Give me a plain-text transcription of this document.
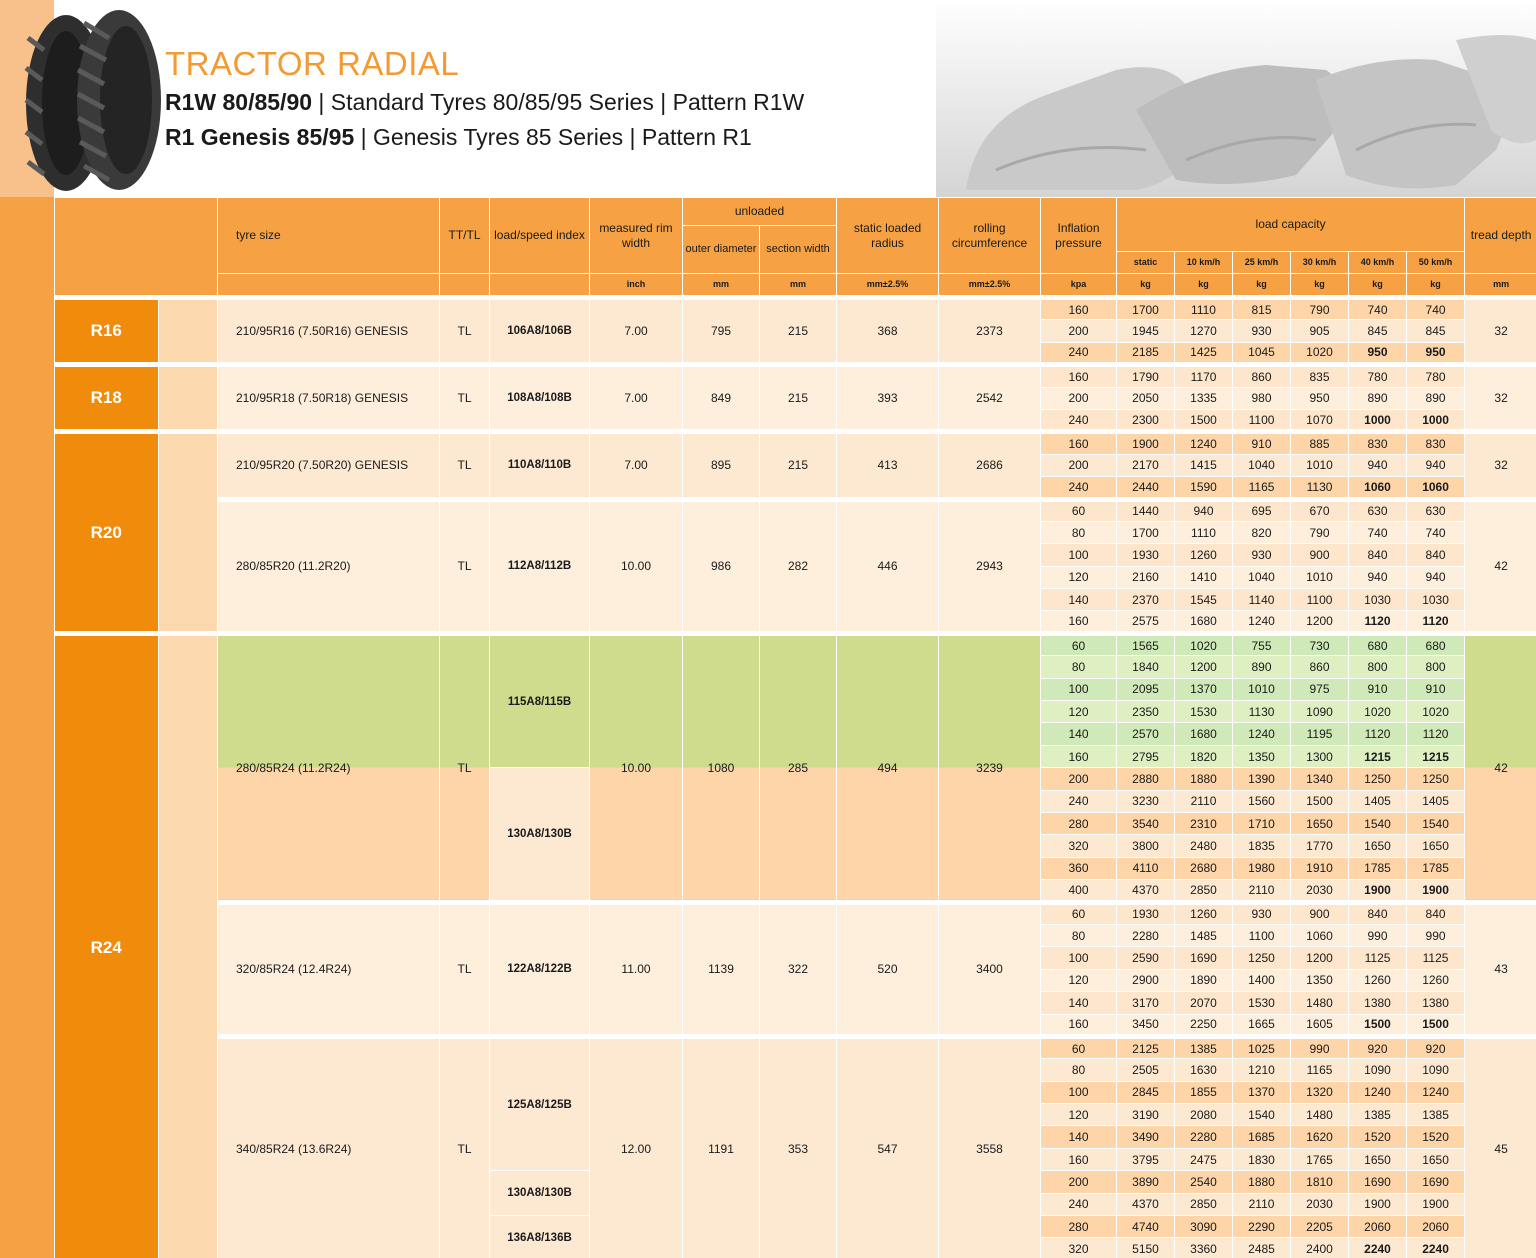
TRACTOR RADIAL
R1W 80/85/90 | Standard Tyres 80/85/95 Series | Pattern R1W
R1 Genesis 85/95 | Genesis Tyres 85 Series | Pattern R1
		tyre size	TT/TL	load/speed index	measured rim width	unloaded		static loaded radius	rolling circumference	Inflation pressure	load capacity						tread depth
						outer diameter	section width										
											static	10 km/h	25 km/h	30 km/h	40 km/h	50 km/h	
					inch	mm	mm	mm±2.5%	mm±2.5%	kpa	kg	kg	kg	kg	kg	kg	mm
R16		210/95R16 (7.50R16) GENESIS	TL	106A8/106B	7.00	795	215	368	2373	160	1700	1110	815	790	740	740	32
										200	1945	1270	930	905	845	845	
										240	2185	1425	1045	1020	950	950	
R18		210/95R18 (7.50R18) GENESIS	TL	108A8/108B	7.00	849	215	393	2542	160	1790	1170	860	835	780	780	32
										200	2050	1335	980	950	890	890	
										240	2300	1500	1100	1070	1000	1000	
R20		210/95R20 (7.50R20) GENESIS	TL	110A8/110B	7.00	895	215	413	2686	160	1900	1240	910	885	830	830	32
										200	2170	1415	1040	1010	940	940	
										240	2440	1590	1165	1130	1060	1060	
		280/85R20 (11.2R20)	TL	112A8/112B	10.00	986	282	446	2943	60	1440	940	695	670	630	630	42
										80	1700	1110	820	790	740	740	
										100	1930	1260	930	900	840	840	
										120	2160	1410	1040	1010	940	940	
										140	2370	1545	1140	1100	1030	1030	
										160	2575	1680	1240	1200	1120	1120	
R24		280/85R24 (11.2R24)	TL	115A8/115B	10.00	1080	285	494	3239	60	1565	1020	755	730	680	680	42
										80	1840	1200	890	860	800	800	
										100	2095	1370	1010	975	910	910	
										120	2350	1530	1130	1090	1020	1020	
										140	2570	1680	1240	1195	1120	1120	
										160	2795	1820	1350	1300	1215	1215	
				130A8/130B						200	2880	1880	1390	1340	1250	1250	
										240	3230	2110	1560	1500	1405	1405	
										280	3540	2310	1710	1650	1540	1540	
										320	3800	2480	1835	1770	1650	1650	
										360	4110	2680	1980	1910	1785	1785	
										400	4370	2850	2110	2030	1900	1900	
		320/85R24 (12.4R24)	TL	122A8/122B	11.00	1139	322	520	3400	60	1930	1260	930	900	840	840	43
										80	2280	1485	1100	1060	990	990	
										100	2590	1690	1250	1200	1125	1125	
										120	2900	1890	1400	1350	1260	1260	
										140	3170	2070	1530	1480	1380	1380	
										160	3450	2250	1665	1605	1500	1500	
		340/85R24 (13.6R24)	TL	125A8/125B	12.00	1191	353	547	3558	60	2125	1385	1025	990	920	920	45
										80	2505	1630	1210	1165	1090	1090	
										100	2845	1855	1370	1320	1240	1240	
										120	3190	2080	1540	1480	1385	1385	
										140	3490	2280	1685	1620	1520	1520	
										160	3795	2475	1830	1765	1650	1650	
				130A8/130B						200	3890	2540	1880	1810	1690	1690	
										240	4370	2850	2110	2030	1900	1900	
				136A8/136B						280	4740	3090	2290	2205	2060	2060	
										320	5150	3360	2485	2400	2240	2240	
